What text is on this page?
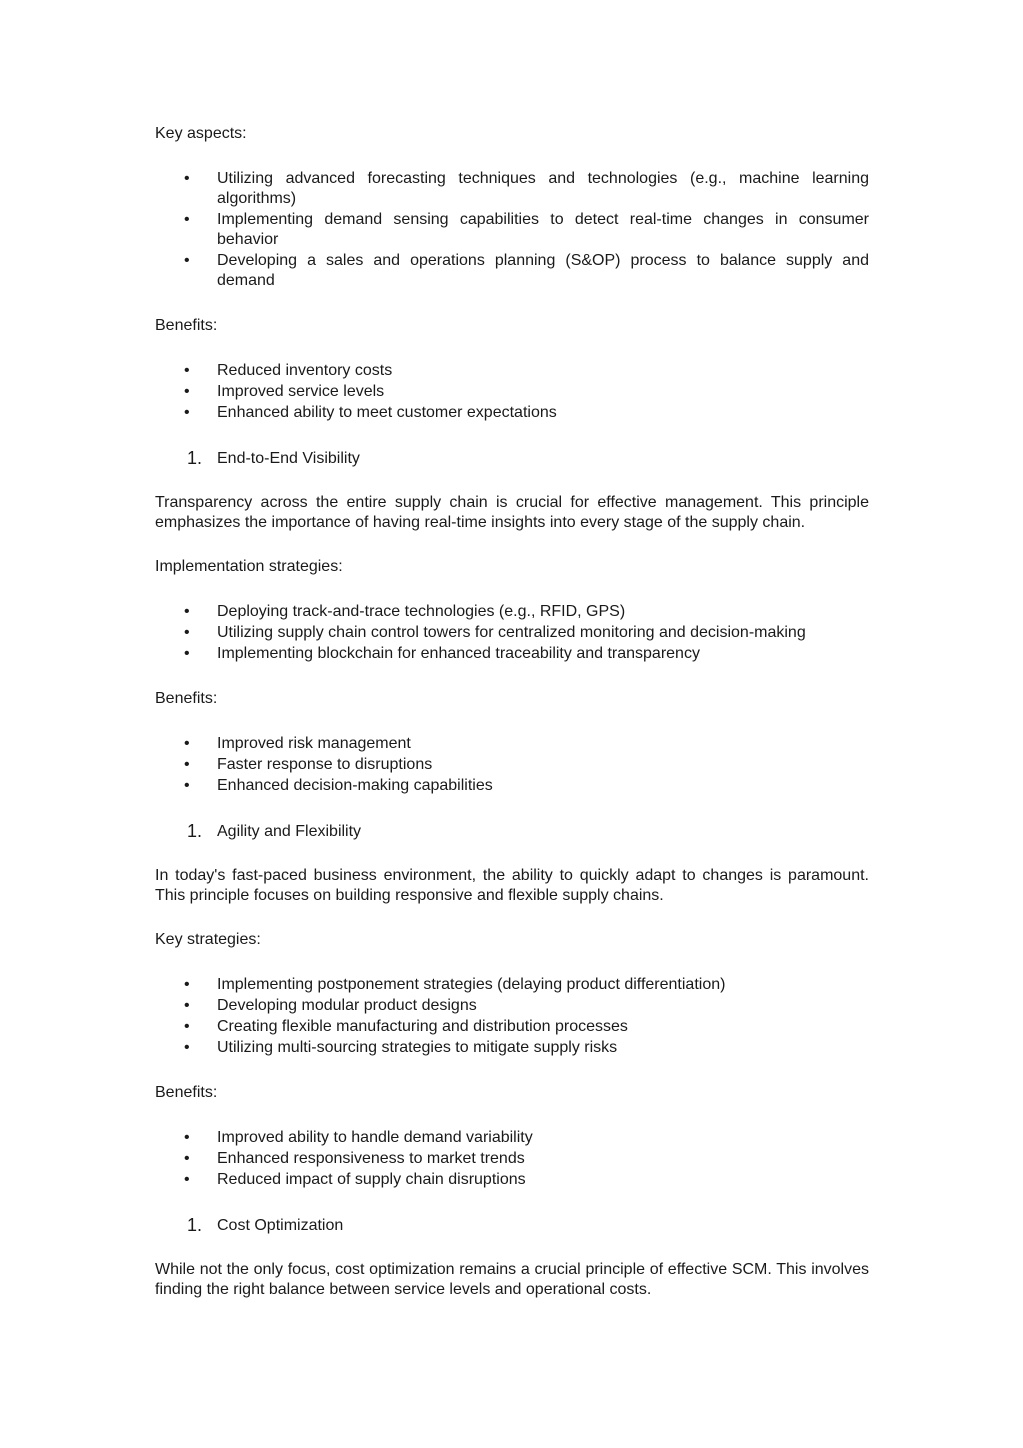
Key aspects:

• Utilizing advanced forecasting techniques and technologies (e.g., machine learning algorithms)
• Implementing demand sensing capabilities to detect real-time changes in consumer behavior
• Developing a sales and operations planning (S&OP) process to balance supply and demand

Benefits:

• Reduced inventory costs
• Improved service levels
• Enhanced ability to meet customer expectations
1. End-to-End Visibility

Transparency across the entire supply chain is crucial for effective management. This principle emphasizes the importance of having real-time insights into every stage of the supply chain.

Implementation strategies:

• Deploying track-and-trace technologies (e.g., RFID, GPS)
• Utilizing supply chain control towers for centralized monitoring and decision-making
• Implementing blockchain for enhanced traceability and transparency

Benefits:

• Improved risk management
• Faster response to disruptions
• Enhanced decision-making capabilities
1. Agility and Flexibility

In today's fast-paced business environment, the ability to quickly adapt to changes is paramount. This principle focuses on building responsive and flexible supply chains.

Key strategies:

• Implementing postponement strategies (delaying product differentiation)
• Developing modular product designs
• Creating flexible manufacturing and distribution processes
• Utilizing multi-sourcing strategies to mitigate supply risks

Benefits:

• Improved ability to handle demand variability
• Enhanced responsiveness to market trends
• Reduced impact of supply chain disruptions
1. Cost Optimization

While not the only focus, cost optimization remains a crucial principle of effective SCM. This involves finding the right balance between service levels and operational costs.
